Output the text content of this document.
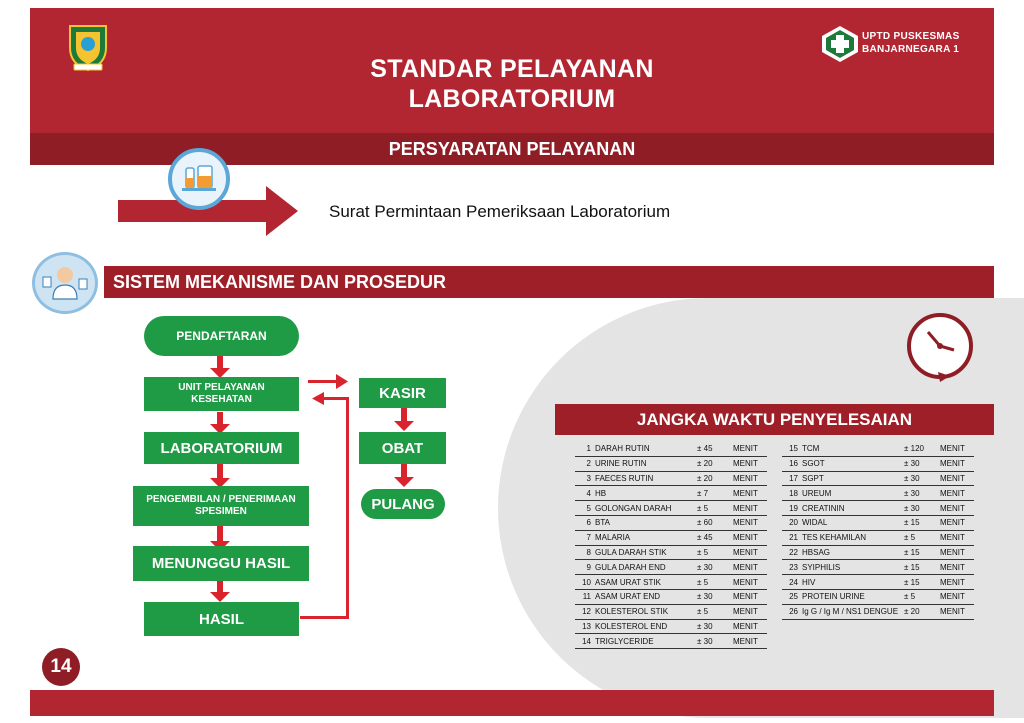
STANDAR PELAYANAN
LABORATORIUM
UPTD PUSKESMAS
BANJARNEGARA 1
PERSYARATAN PELAYANAN
Surat Permintaan Pemeriksaan Laboratorium
SISTEM MEKANISME DAN PROSEDUR
PENDAFTARAN
UNIT PELAYANAN
KESEHATAN
LABORATORIUM
PENGEMBILAN / PENERIMAAN
SPESIMEN
MENUNGGU HASIL
HASIL
KASIR
OBAT
PULANG
JANGKA WAKTU PENYELESAIAN
1	DARAH RUTIN	± 45	MENIT
2	URINE RUTIN	± 20	MENIT
3	FAECES RUTIN	± 20	MENIT
4	HB	± 7	MENIT
5	GOLONGAN DARAH	± 5	MENIT
6	BTA	± 60	MENIT
7	MALARIA	± 45	MENIT
8	GULA DARAH STIK	± 5	MENIT
9	GULA DARAH END	± 30	MENIT
10	ASAM URAT STIK	± 5	MENIT
11	ASAM URAT END	± 30	MENIT
12	KOLESTEROL STIK	± 5	MENIT
13	KOLESTEROL END	± 30	MENIT
14	TRIGLYCERIDE	± 30	MENIT
15	TCM	± 120	MENIT
16	SGOT	± 30	MENIT
17	SGPT	± 30	MENIT
18	UREUM	± 30	MENIT
19	CREATININ	± 30	MENIT
20	WIDAL	± 15	MENIT
21	TES KEHAMILAN	± 5	MENIT
22	HBSAG	± 15	MENIT
23	SYIPHILIS	± 15	MENIT
24	HIV	± 15	MENIT
25	PROTEIN URINE	± 5	MENIT
26	Ig G / Ig M / NS1 DENGUE	± 20	MENIT
14
